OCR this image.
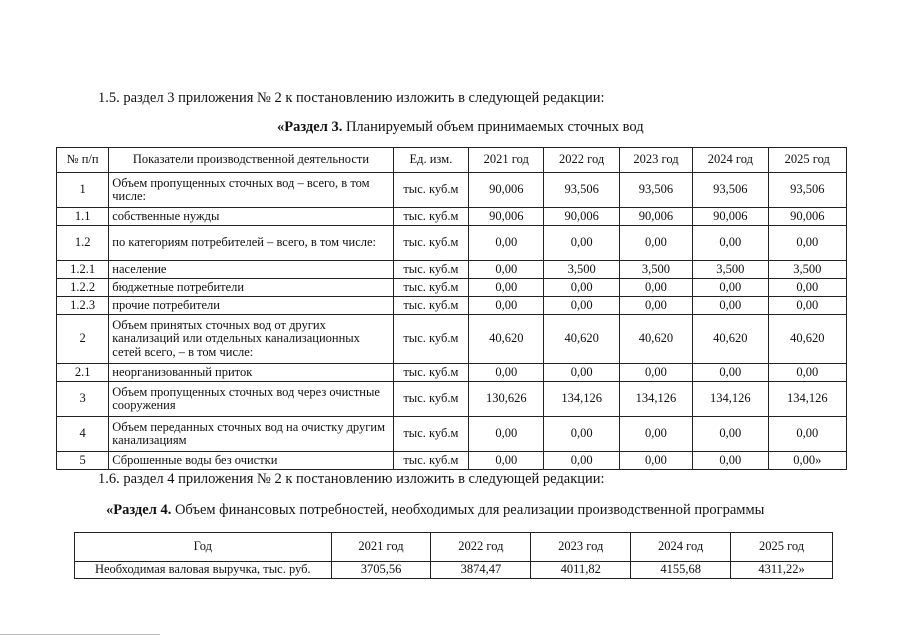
1.5. раздел 3 приложения № 2 к постановлению изложить в следующей редакции:
«Раздел 3. Планируемый объем принимаемых сточных вод
№ п/п	Показатели производственной деятельности	Ед. изм.	2021 год	2022 год	2023 год	2024 год	2025 год
1	Объем пропущенных сточных вод – всего, в том числе:	тыс. куб.м	90,006	93,506	93,506	93,506	93,506
1.1	собственные нужды	тыс. куб.м	90,006	90,006	90,006	90,006	90,006
1.2	по категориям потребителей – всего, в том числе:	тыс. куб.м	0,00	0,00	0,00	0,00	0,00
1.2.1	население	тыс. куб.м	0,00	3,500	3,500	3,500	3,500
1.2.2	бюджетные потребители	тыс. куб.м	0,00	0,00	0,00	0,00	0,00
1.2.3	прочие потребители	тыс. куб.м	0,00	0,00	0,00	0,00	0,00
2	Объем принятых сточных вод от других канализаций или отдельных канализационных сетей всего, – в том числе:	тыс. куб.м	40,620	40,620	40,620	40,620	40,620
2.1	неорганизованный приток	тыс. куб.м	0,00	0,00	0,00	0,00	0,00
3	Объем пропущенных сточных вод через очистные сооружения	тыс. куб.м	130,626	134,126	134,126	134,126	134,126
4	Объем переданных сточных вод на очистку другим канализациям	тыс. куб.м	0,00	0,00	0,00	0,00	0,00
5	Сброшенные воды без очистки	тыс. куб.м	0,00	0,00	0,00	0,00	0,00»
1.6. раздел 4 приложения № 2 к постановлению изложить в следующей редакции:
«Раздел 4. Объем финансовых потребностей, необходимых для реализации производственной программы
Год	2021 год	2022 год	2023 год	2024 год	2025 год
Необходимая валовая выручка, тыс. руб.	3705,56	3874,47	4011,82	4155,68	4311,22»
